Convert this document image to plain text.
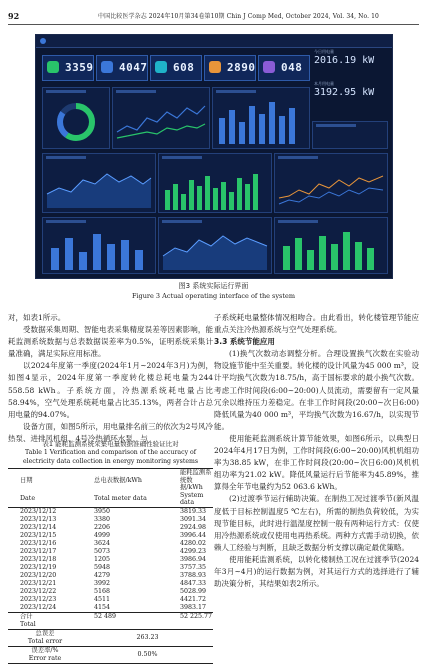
92	中国比较医学杂志 2024年10月第34卷第10期 Chin J Comp Med, October 2024, Vol. 34, No. 10
3359 4047 608	2890 048
今日用电量
2016.19 kW
本月用电量
3192.95 kW
图3 系统实际运行界面
Figure 3 Actual operating interface of the system

对，如表1所示。

受数据采集周期、智能电表采集精度误差等因素影响，能耗监测系统数据与总表数据误差率为0.5%，证明系统采集计量准确，满足实际应用标准。

以2024年度第一季度(2024年1月~2024年3月)为例，如图4显示，2024年度第一季度转化楼总耗电量为244 558.58 kWh。子系统方面，冷热源系统耗电量占比58.94%，空气处理系统耗电量占比35.13%，两者合计占总用电量的94.07%。

设备方面，如图5所示，用电量排名前三的依次为2号风冷热泵、进排风机组、4号冷热循环水泵，与

子系统耗电量整体情况相吻合。由此看出，转化楼管理节能应重点关注冷热源系统与空气处理系统。

3.3 系统节能应用

(1)换气次数动态调整分析。合理设置换气次数在实验动物设施节能中至关重要。转化楼的设计风量为45 000 m³，设计平均换气次数为18.75/h，高于国标要求的最小换气次数。考虑工作时间段(6:00~20:00)人员流动，需要留有一定风量冗余以维持压力差稳定。在非工作时间段(20:00~次日6:00)降低风量为40 000 m³，平均换气次数为16.67/h，以实现节能。

使用能耗监测系统计算节能效果，如图6所示，以典型日2024年4月17日为例，工作时间段(6:00~20:00)风机机组功率为38.85 kW，在非工作时间段(20:00~次日6:00)风机机组功率为21.02 kW。降低风量运行后节能率为45.89%，推算得全年节电量约为52 063.6 kWh。

(2)过渡季节运行辅助决策。在制热工况过渡季节(新风温度低于目标控制温度5 ℃左右)，所需的制热负荷较低，为实现节能目标，此时进行温湿度控制一般有两种运行方式：仅使用冷热源系统或仅使用电再热系统。两种方式需手动切换，依赖人工经验与判断，且缺乏数据分析支撑以确定最优策略。

使用能耗监测系统，以转化楼制热工况在过渡季节(2024年3月~4月)的运行数据为例，对其运行方式的选择进行了辅助决策分析，其结果如表2所示。

表1 能耗监测系统采集电量数据准确性验证比对
Table 1 Verification and comparison of the accuracy of
electricity data collection in energy monitoring systems
日期	总电表数据/kWh	能耗监测系统数据/kWh
Date	Total meter data	System data
2023/12/12	3950	3819.33
2023/12/13	3380	3091.34
2023/12/14	2206	2924.98
2023/12/15	4999	3996.44
2023/12/16	3624	4280.02
2023/12/17	5073	4299.23
2023/12/18	1205	3986.94
2023/12/19	5948	3757.35
2023/12/20	4279	3788.93
2023/12/21	3992	4847.33
2023/12/22	5168	5028.99
2023/12/23	4511	4421.72
2023/12/24	4154	3983.17
合计	52 489	52 225.77
Total		
总误差	263.23	
Total error		
误差率/%	0.50%	
Error rate		
